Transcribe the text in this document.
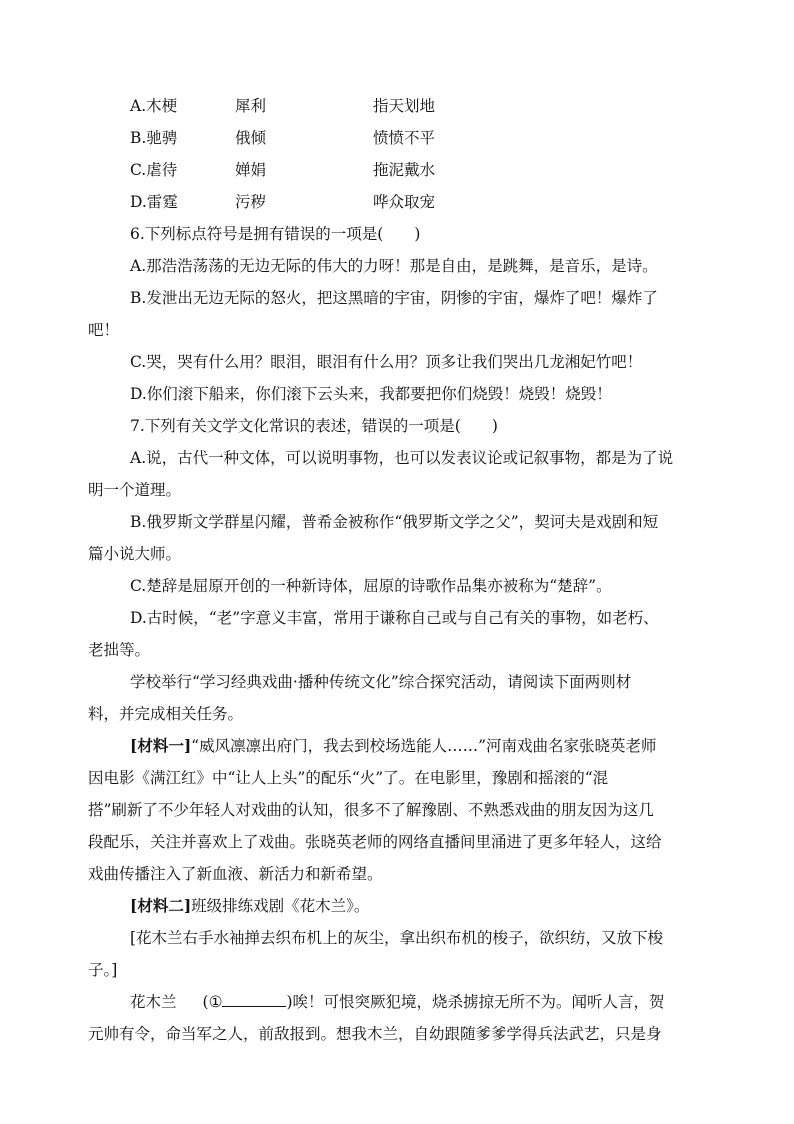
A.木梗	犀利	指天划地
B.驰骋	俄倾	愤愤不平
C.虐待	婵娟	拖泥戴水
D.雷霆	污秽	哗众取宠
6.下列标点符号是拥有错误的一项是(　　)
A.那浩浩荡荡的无边无际的伟大的力呀！那是自由，是跳舞，是音乐，是诗。
B.发泄出无边无际的怒火，把这黑暗的宇宙，阴惨的宇宙，爆炸了吧！爆炸了
吧！
C.哭，哭有什么用？眼泪，眼泪有什么用？顶多让我们哭出几龙湘妃竹吧！
D.你们滚下船来，你们滚下云头来，我都要把你们烧毁！烧毁！烧毁！
7.下列有关文学文化常识的表述，错误的一项是(　　)
A.说，古代一种文体，可以说明事物，也可以发表议论或记叙事物，都是为了说
明一个道理。
B.俄罗斯文学群星闪耀，普希金被称作“俄罗斯文学之父”，契诃夫是戏剧和短
篇小说大师。
C.楚辞是屈原开创的一种新诗体，屈原的诗歌作品集亦被称为“楚辞”。
D.古时候，“老”字意义丰富，常用于谦称自己或与自己有关的事物，如老朽、
老拙等。
学校举行“学习经典戏曲·播种传统文化”综合探究活动，请阅读下面两则材
料，并完成相关任务。
[材料一]“威风凛凛出府门，我去到校场选能人……”河南戏曲名家张晓英老师
因电影《满江红》中“让人上头”的配乐“火”了。在电影里，豫剧和摇滚的“混
搭”刷新了不少年轻人对戏曲的认知，很多不了解豫剧、不熟悉戏曲的朋友因为这几
段配乐，关注并喜欢上了戏曲。张晓英老师的网络直播间里涌进了更多年轻人，这给
戏曲传播注入了新血液、新活力和新希望。
[材料二]班级排练戏剧《花木兰》。
[花木兰右手水袖掸去织布机上的灰尘，拿出织布机的梭子，欲织纺，又放下梭
子。]
花木兰 (①	)唉！可恨突厥犯境，烧杀掳掠无所不为。闻听人言，贺
元帅有令，命当军之人，前敌报到。想我木兰，自幼跟随爹爹学得兵法武艺，只是身
